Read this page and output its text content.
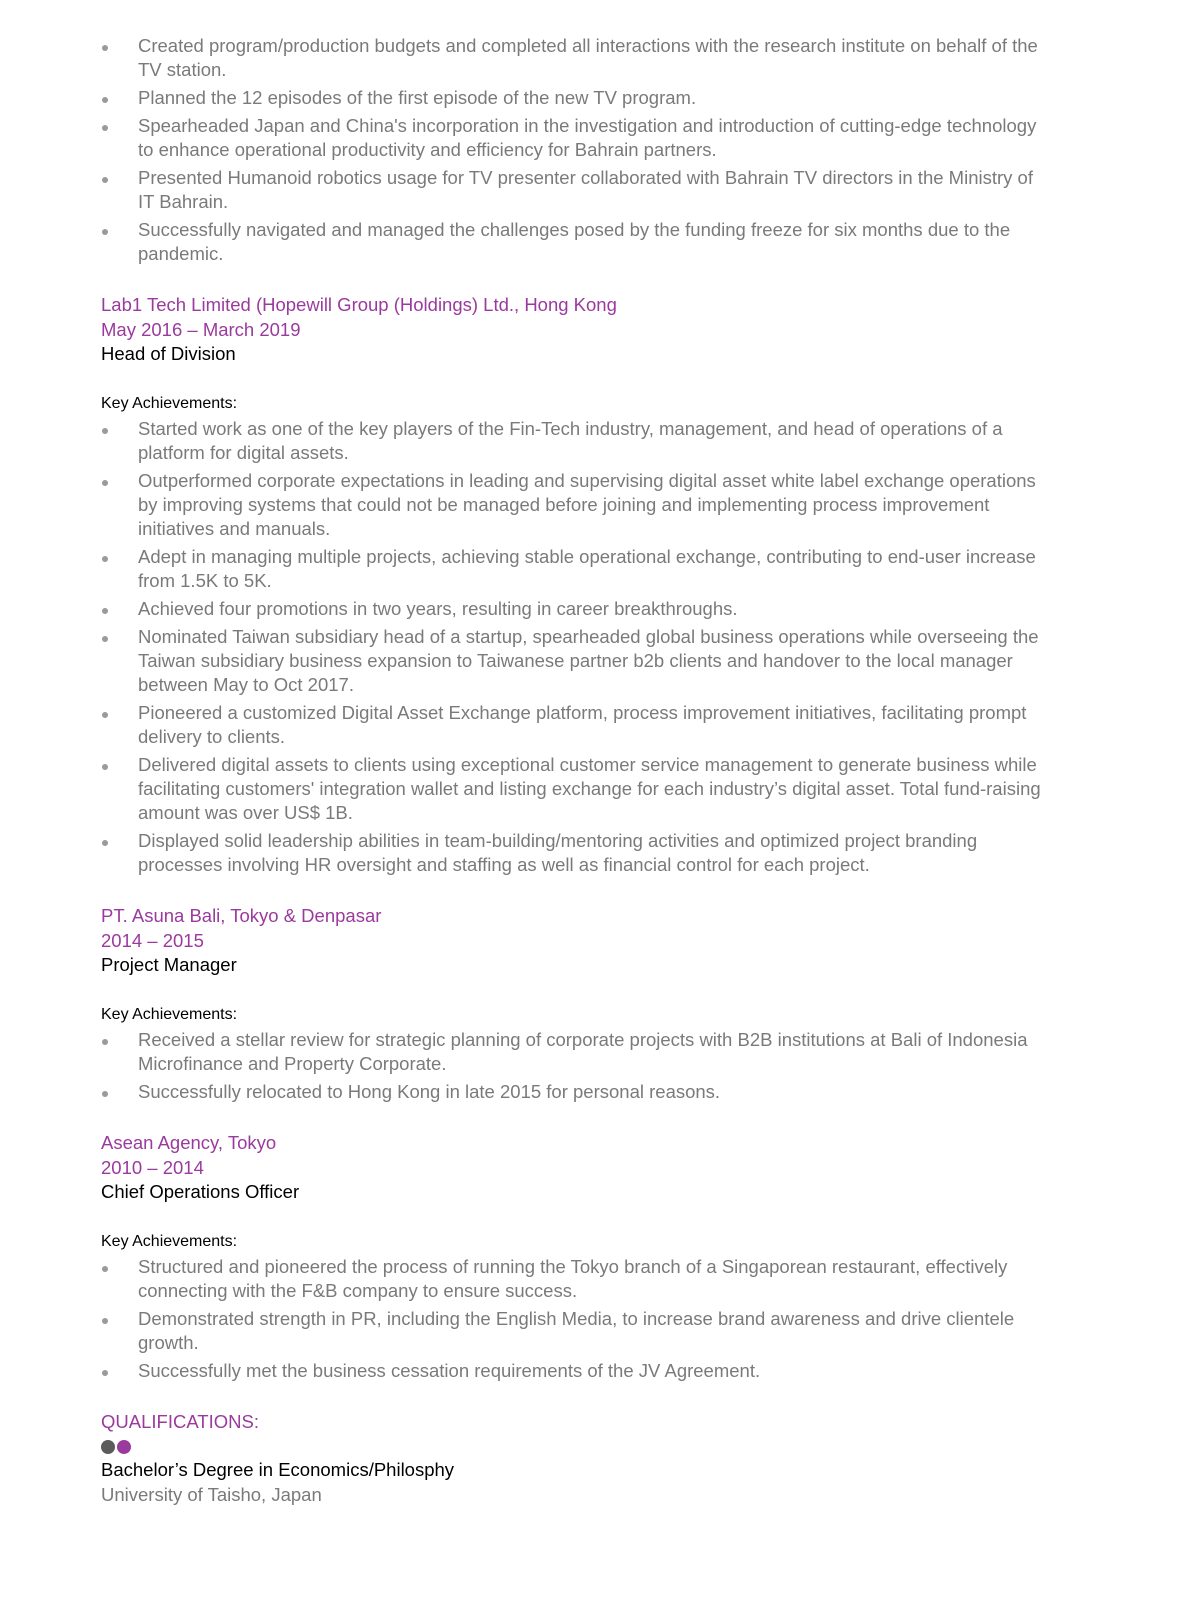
Created program/production budgets and completed all interactions with the research institute on behalf of the TV station.
Planned the 12 episodes of the first episode of the new TV program.
Spearheaded Japan and China's incorporation in the investigation and introduction of cutting-edge technology to enhance operational productivity and efficiency for Bahrain partners.
Presented Humanoid robotics usage for TV presenter collaborated with Bahrain TV directors in the Ministry of IT Bahrain.
Successfully navigated and managed the challenges posed by the funding freeze for six months due to the pandemic.
Lab1 Tech Limited (Hopewill Group (Holdings) Ltd., Hong Kong
May 2016 – March 2019
Head of Division
Key Achievements:
Started work as one of the key players of the Fin-Tech industry, management, and head of operations of a platform for digital assets.
Outperformed corporate expectations in leading and supervising digital asset white label exchange operations by improving systems that could not be managed before joining and implementing process improvement initiatives and manuals.
Adept in managing multiple projects, achieving stable operational exchange, contributing to end-user increase from 1.5K to 5K.
Achieved four promotions in two years, resulting in career breakthroughs.
Nominated Taiwan subsidiary head of a startup, spearheaded global business operations while overseeing the Taiwan subsidiary business expansion to Taiwanese partner b2b clients and handover to the local manager between May to Oct 2017.
Pioneered a customized Digital Asset Exchange platform, process improvement initiatives, facilitating prompt delivery to clients.
Delivered digital assets to clients using exceptional customer service management to generate business while facilitating customers' integration wallet and listing exchange for each industry’s digital asset. Total fund-raising amount was over US$ 1B.
Displayed solid leadership abilities in team-building/mentoring activities and optimized project branding processes involving HR oversight and staffing as well as financial control for each project.
PT. Asuna Bali, Tokyo & Denpasar
2014 – 2015
Project Manager
Key Achievements:
Received a stellar review for strategic planning of corporate projects with B2B institutions at Bali of Indonesia Microfinance and Property Corporate.
Successfully relocated to Hong Kong in late 2015 for personal reasons.
Asean Agency, Tokyo
2010 – 2014
Chief Operations Officer
Key Achievements:
Structured and pioneered the process of running the Tokyo branch of a Singaporean restaurant, effectively connecting with the F&B company to ensure success.
Demonstrated strength in PR, including the English Media, to increase brand awareness and drive clientele growth.
Successfully met the business cessation requirements of the JV Agreement.
QUALIFICATIONS:
Bachelor’s Degree in Economics/Philosphy
University of Taisho, Japan
